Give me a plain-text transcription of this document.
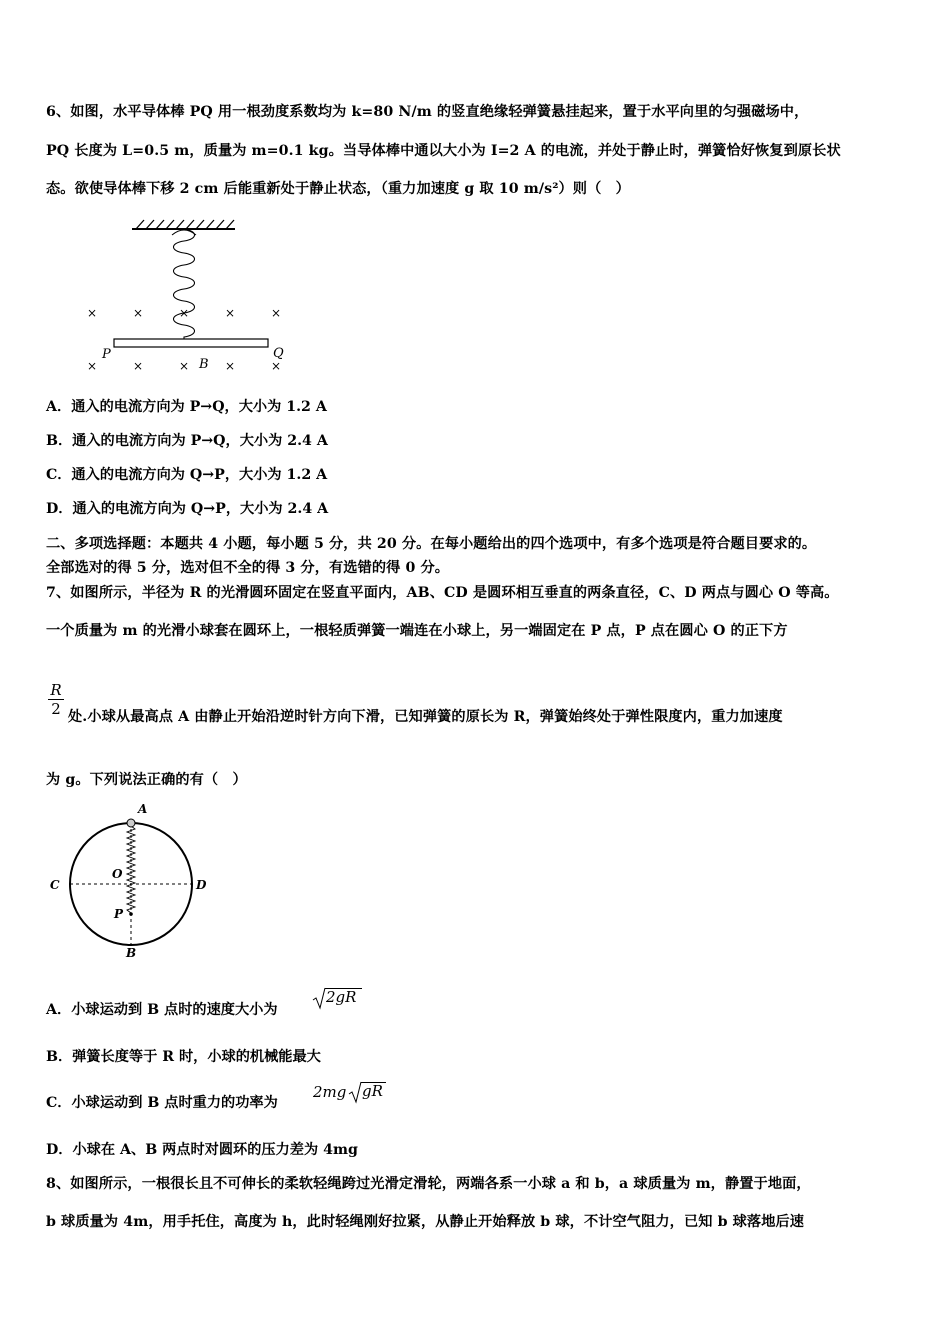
6、如图，水平导体棒 PQ 用一根劲度系数均为 k=80 N/m 的竖直绝缘轻弹簧悬挂起来，置于水平向里的匀强磁场中，
PQ 长度为 L=0.5 m，质量为 m=0.1 kg。当导体棒中通以大小为 I=2 A 的电流，并处于静止时，弹簧恰好恢复到原长状
态。欲使导体棒下移 2 cm 后能重新处于静止状态，（重力加速度 g 取 10 m/s²）则（　）
×	×	×	×	×
×	×	×	×	×
P	Q
B
A．通入的电流方向为 P→Q，大小为 1.2 A
B．通入的电流方向为 P→Q，大小为 2.4 A
C．通入的电流方向为 Q→P，大小为 1.2 A
D．通入的电流方向为 Q→P，大小为 2.4 A
二、多项选择题：本题共 4 小题，每小题 5 分，共 20 分。在每小题给出的四个选项中，有多个选项是符合题目要求的。
全部选对的得 5 分，选对但不全的得 3 分，有选错的得 0 分。
7、如图所示，半径为 R 的光滑圆环固定在竖直平面内，AB、CD 是圆环相互垂直的两条直径，C、D 两点与圆心 O 等高。
一个质量为 m 的光滑小球套在圆环上，一根轻质弹簧一端连在小球上，另一端固定在 P 点，P 点在圆心 O 的正下方
R
2 处.小球从最高点 A 由静止开始沿逆时针方向下滑，已知弹簧的原长为 R，弹簧始终处于弹性限度内，重力加速度
为 g。下列说法正确的有（　）
A
B
C	D
O
P
A．小球运动到 B 点时的速度大小为
2gR
B．弹簧长度等于 R 时，小球的机械能最大
C．小球运动到 B 点时重力的功率为
2mg gR
D．小球在 A、B 两点时对圆环的压力差为 4mg
8、如图所示，一根很长且不可伸长的柔软轻绳跨过光滑定滑轮，两端各系一小球 a 和 b，a 球质量为 m，静置于地面，
b 球质量为 4m，用手托住，高度为 h，此时轻绳刚好拉紧，从静止开始释放 b 球，不计空气阻力，已知 b 球落地后速
